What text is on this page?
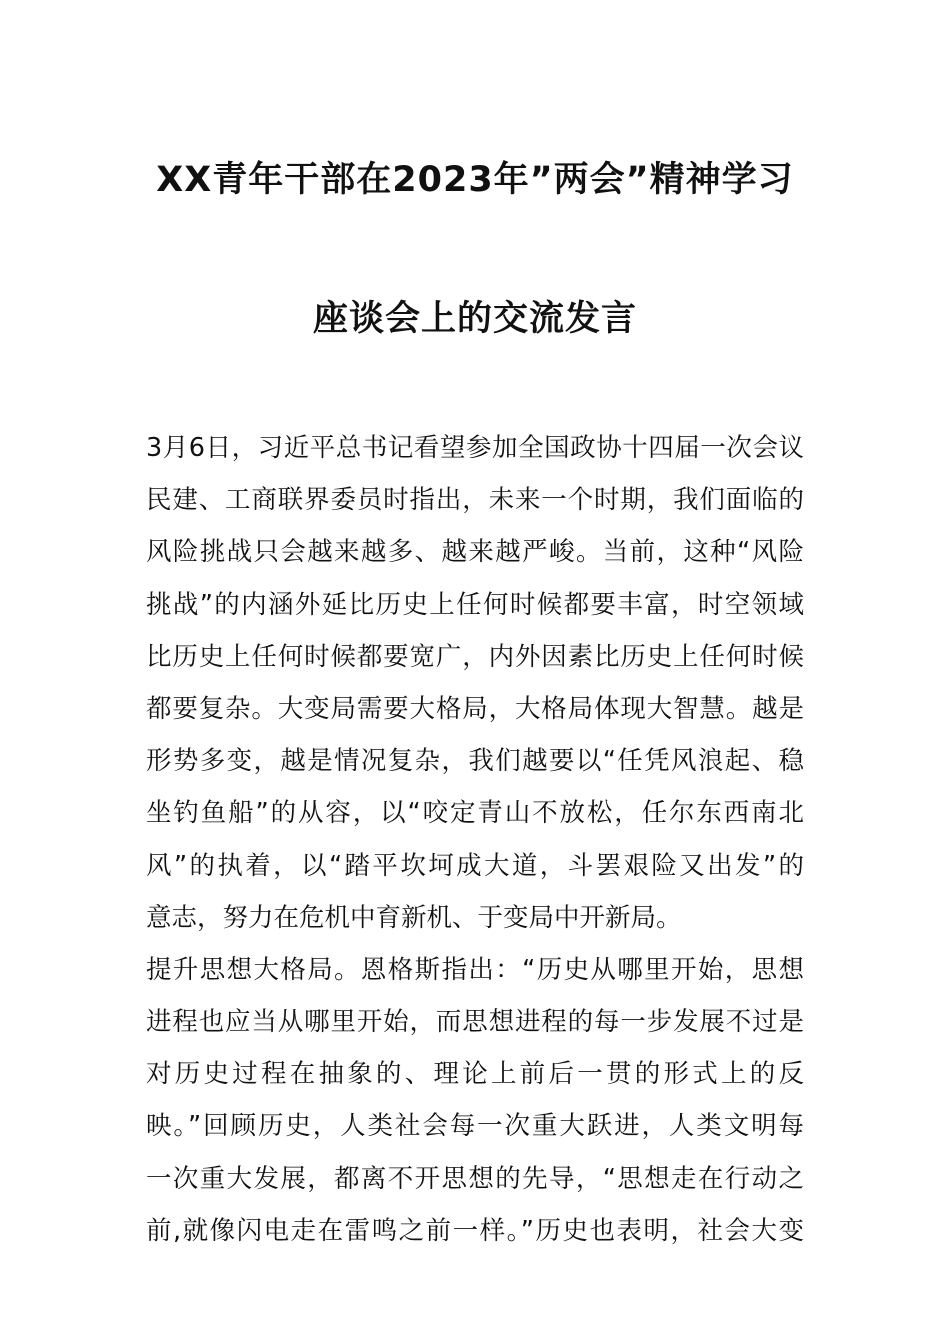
XX青年干部在2023年”两会”精神学习
座谈会上的交流发言
3月6日，习近平总书记看望参加全国政协十四届一次会议
民建、工商联界委员时指出，未来一个时期，我们面临的
风险挑战只会越来越多、越来越严峻。当前，这种“风险
挑战”的内涵外延比历史上任何时候都要丰富，时空领域
比历史上任何时候都要宽广，内外因素比历史上任何时候
都要复杂。大变局需要大格局，大格局体现大智慧。越是
形势多变，越是情况复杂，我们越要以“任凭风浪起、稳
坐钓鱼船”的从容，以“咬定青山不放松，任尔东西南北
风”的执着，以“踏平坎坷成大道，斗罢艰险又出发”的
意志，努力在危机中育新机、于变局中开新局。
提升思想大格局。恩格斯指出：“历史从哪里开始，思想
进程也应当从哪里开始，而思想进程的每一步发展不过是
对历史过程在抽象的、理论上前后一贯的形式上的反
映。”回顾历史，人类社会每一次重大跃进，人类文明每
一次重大发展，都离不开思想的先导，“思想走在行动之
前,就像闪电走在雷鸣之前一样。”历史也表明，社会大变
